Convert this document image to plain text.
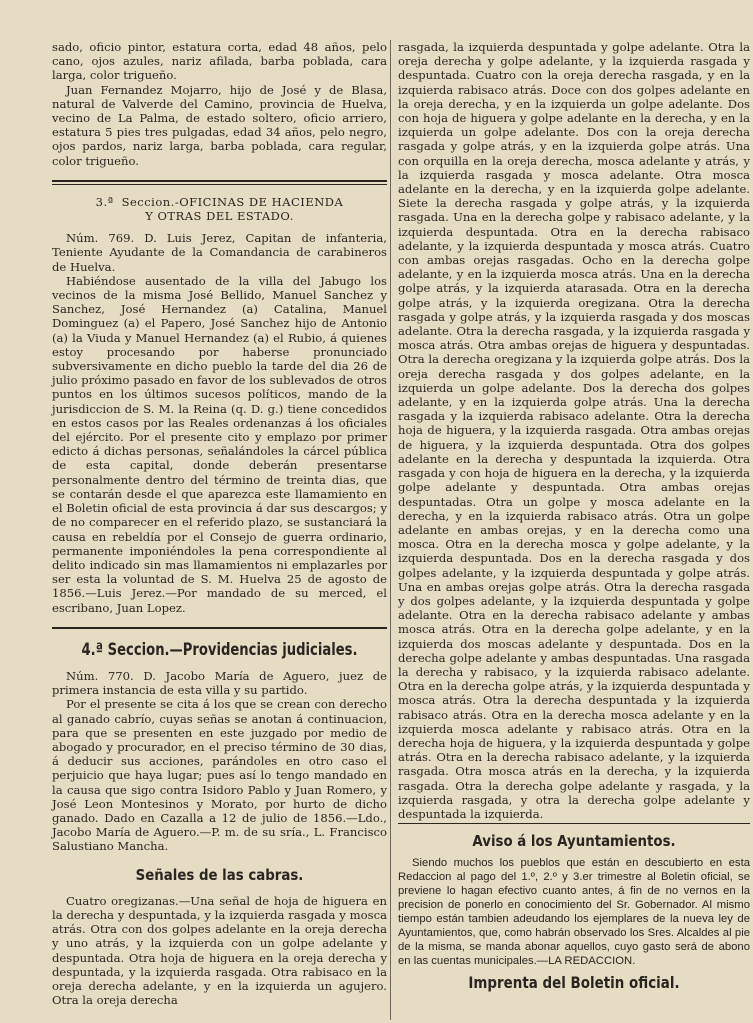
sado, oficio pintor, estatura corta, edad 48 años, pelo cano, ojos azules, nariz afilada, barba poblada, cara larga, color trigueño.

Juan Fernandez Mojarro, hijo de José y de Blasa, natural de Valverde del Camino, provincia de Huelva, vecino de La Palma, de estado soltero, oficio arriero, estatura 5 pies tres pulgadas, edad 34 años, pelo negro, ojos pardos, nariz larga, barba poblada, cara regular, color trigueño.

3.ª Seccion.-OFICINAS DE HACIENDA
Y OTRAS DEL ESTADO.

Núm. 769. D. Luis Jerez, Capitan de infanteria, Teniente Ayudante de la Comandancia de carabineros de Huelva.

Habiéndose ausentado de la villa del Jabugo los vecinos de la misma José Bellido, Manuel Sanchez y Sanchez, José Hernandez (a) Catalina, Manuel Dominguez (a) el Papero, José Sanchez hijo de Antonio (a) la Viuda y Manuel Hernandez (a) el Rubio, á quienes estoy procesando por haberse pronunciado subversivamente en dicho pueblo la tarde del dia 26 de julio próximo pasado en favor de los sublevados de otros puntos en los últimos sucesos políticos, mando de la jurisdiccion de S. M. la Reina (q. D. g.) tiene concedidos en estos casos por las Reales ordenanzas á los oficiales del ejército. Por el presente cito y emplazo por primer edicto á dichas personas, señalándoles la cárcel pública de esta capital, donde deberán presentarse personalmente dentro del término de treinta dias, que se contarán desde el que aparezca este llamamiento en el Boletin oficial de esta provincia á dar sus descargos; y de no comparecer en el referido plazo, se sustanciará la causa en rebeldía por el Consejo de guerra ordinario, permanente imponiéndoles la pena correspondiente al delito indicado sin mas llamamientos ni emplazarles por ser esta la voluntad de S. M. Huelva 25 de agosto de 1856.—Luis Jerez.—Por mandado de su merced, el escribano, Juan Lopez.

4.ª Seccion.—Providencias judiciales.

Núm. 770. D. Jacobo María de Aguero, juez de primera instancia de esta villa y su partido.

Por el presente se cita á los que se crean con derecho al ganado cabrío, cuyas señas se anotan á continuacion, para que se presenten en este juzgado por medio de abogado y procurador, en el preciso término de 30 dias, á deducir sus acciones, parándoles en otro caso el perjuicio que haya lugar; pues así lo tengo mandado en la causa que sigo contra Isidoro Pablo y Juan Romero, y José Leon Montesinos y Morato, por hurto de dicho ganado. Dado en Cazalla a 12 de julio de 1856.—Ldo., Jacobo María de Aguero.—P. m. de su sría., L. Francisco Salustiano Mancha.

Señales de las cabras.

Cuatro oregizanas.—Una señal de hoja de higuera en la derecha y despuntada, y la izquierda rasgada y mosca atrás. Otra con dos golpes adelante en la oreja derecha y uno atrás, y la izquierda con un golpe adelante y despuntada. Otra hoja de higuera en la oreja derecha y despuntada, y la izquierda rasgada. Otra rabisaco en la oreja derecha adelante, y en la izquierda un agujero. Otra la oreja derecha

rasgada, la izquierda despuntada y golpe adelante. Otra la oreja derecha y golpe adelante, y la izquierda rasgada y despuntada. Cuatro con la oreja derecha rasgada, y en la izquierda rabisaco atrás. Doce con dos golpes adelante en la oreja derecha, y en la izquierda un golpe adelante. Dos con hoja de higuera y golpe adelante en la derecha, y en la izquierda un golpe adelante. Dos con la oreja derecha rasgada y golpe atrás, y en la izquierda golpe atrás. Una con orquilla en la oreja derecha, mosca adelante y atrás, y la izquierda rasgada y mosca adelante. Otra mosca adelante en la derecha, y en la izquierda golpe adelante. Siete la derecha rasgada y golpe atrás, y la izquierda rasgada. Una en la derecha golpe y rabisaco adelante, y la izquierda despuntada. Otra en la derecha rabisaco adelante, y la izquierda despuntada y mosca atrás. Cuatro con ambas orejas rasgadas. Ocho en la derecha golpe adelante, y en la izquierda mosca atrás. Una en la derecha golpe atrás, y la izquierda atarasada. Otra en la derecha golpe atrás, y la izquierda oregizana. Otra la derecha rasgada y golpe atrás, y la izquierda rasgada y dos moscas adelante. Otra la derecha rasgada, y la izquierda rasgada y mosca atrás. Otra ambas orejas de higuera y despuntadas. Otra la derecha oregizana y la izquierda golpe atrás. Dos la oreja derecha rasgada y dos golpes adelante, en la izquierda un golpe adelante. Dos la derecha dos golpes adelante, y en la izquierda golpe atrás. Una la derecha rasgada y la izquierda rabisaco adelante. Otra la derecha hoja de higuera, y la izquierda rasgada. Otra ambas orejas de higuera, y la izquierda despuntada. Otra dos golpes adelante en la derecha y despuntada la izquierda. Otra rasgada y con hoja de higuera en la derecha, y la izquierda golpe adelante y despuntada. Otra ambas orejas despuntadas. Otra un golpe y mosca adelante en la derecha, y en la izquierda rabisaco atrás. Otra un golpe adelante en ambas orejas, y en la derecha como una mosca. Otra en la derecha mosca y golpe adelante, y la izquierda despuntada. Dos en la derecha rasgada y dos golpes adelante, y la izquierda despuntada y golpe atrás. Una en ambas orejas golpe atrás. Otra la derecha rasgada y dos golpes adelante, y la izquierda despuntada y golpe adelante. Otra en la derecha rabisaco adelante y ambas mosca atrás. Otra en la derecha golpe adelante, y en la izquierda dos moscas adelante y despuntada. Dos en la derecha golpe adelante y ambas despuntadas. Una rasgada la derecha y rabisaco, y la izquierda rabisaco adelante. Otra en la derecha golpe atrás, y la izquierda despuntada y mosca atrás. Otra la derecha despuntada y la izquierda rabisaco atrás. Otra en la derecha mosca adelante y en la izquierda mosca adelante y rabisaco atrás. Otra en la derecha hoja de higuera, y la izquierda despuntada y golpe atrás. Otra en la derecha rabisaco adelante, y la izquierda rasgada. Otra mosca atrás en la derecha, y la izquierda rasgada. Otra la derecha golpe adelante y rasgada, y la izquierda rasgada, y otra la derecha golpe adelante y despuntada la izquierda.

Aviso á los Ayuntamientos.

Siendo muchos los pueblos que están en descubierto en esta Redaccion al pago del 1.º, 2.º y 3.er trimestre al Boletin oficial, se previene lo hagan efectivo cuanto antes, á fin de no vernos en la precision de ponerlo en conocimiento del Sr. Gobernador. Al mismo tiempo están tambien adeudando los ejemplares de la nueva ley de Ayuntamientos, que, como habrán observado los Sres. Alcaldes al pie de la misma, se manda abonar aquellos, cuyo gasto será de abono en las cuentas municipales.—LA REDACCION.

Imprenta del Boletin oficial.
